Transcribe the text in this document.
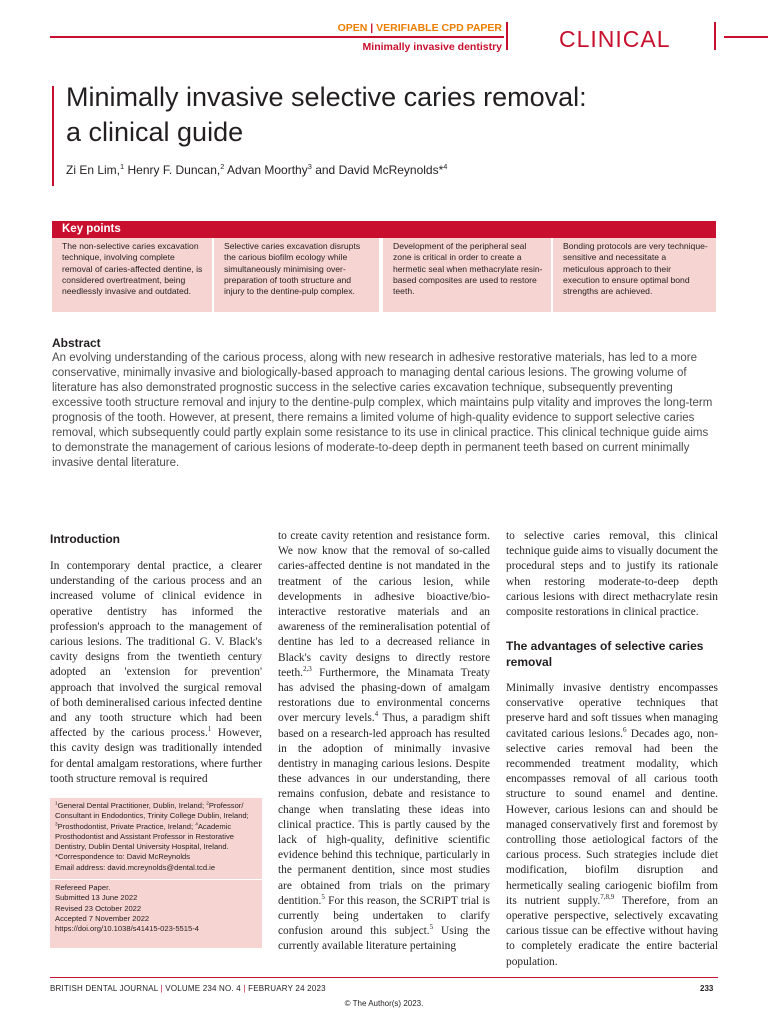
OPEN | VERIFIABLE CPD PAPER
Minimally invasive dentistry CLINICAL
Minimally invasive selective caries removal:
a clinical guide
Zi En Lim,$^1$ Henry F. Duncan,$^2$ Advan Moorthy$^3$ and David McReynolds*$^4$
Key points
The non-selective caries excavation technique, involving complete removal of caries-affected dentine, is considered overtreatment, being needlessly invasive and outdated.
Selective caries excavation disrupts the carious biofilm ecology while simultaneously minimising over-preparation of tooth structure and injury to the dentine-pulp complex.
Development of the peripheral seal zone is critical in order to create a hermetic seal when methacrylate resin-based composites are used to restore teeth.
Bonding protocols are very technique-sensitive and necessitate a meticulous approach to their execution to ensure optimal bond strengths are achieved.
Abstract

An evolving understanding of the carious process, along with new research in adhesive restorative materials, has led to a more conservative, minimally invasive and biologically-based approach to managing dental carious lesions. The growing volume of literature has also demonstrated prognostic success in the selective caries excavation technique, subsequently preventing excessive tooth structure removal and injury to the dentine-pulp complex, which maintains pulp vitality and improves the long-term prognosis of the tooth. However, at present, there remains a limited volume of high-quality evidence to support selective caries removal, which subsequently could partly explain some resistance to its use in clinical practice. This clinical technique guide aims to demonstrate the management of carious lesions of moderate-to-deep depth in permanent teeth based on current minimally invasive dental literature.

Introduction

In contemporary dental practice, a clearer understanding of the carious process and an increased volume of clinical evidence in operative dentistry has informed the profession's approach to the management of carious lesions. The traditional G. V. Black's cavity designs from the twentieth century adopted an 'extension for prevention' approach that involved the surgical removal of both demineralised carious infected dentine and any tooth structure which had been affected by the carious process.$^1$ However, this cavity design was traditionally intended for dental amalgam restorations, where further tooth structure removal is required

$^1$General Dental Practitioner, Dublin, Ireland; $^2$Professor/ Consultant in Endodontics, Trinity College Dublin, Ireland; $^3$Prosthodontist, Private Practice, Ireland; $^4$Academic Prosthodontist and Assistant Professor in Restorative Dentistry, Dublin Dental University Hospital, Ireland.
*Correspondence to: David McReynolds
Email address: david.mcreynolds@dental.tcd.ie

Refereed Paper.
Submitted 13 June 2022
Revised 23 October 2022
Accepted 7 November 2022
https://doi.org/10.1038/s41415-023-5515-4

to create cavity retention and resistance form. We now know that the removal of so-called caries-affected dentine is not mandated in the treatment of the carious lesion, while developments in adhesive bioactive/bio-interactive restorative materials and an awareness of the remineralisation potential of dentine has led to a decreased reliance in Black's cavity designs to directly restore teeth.$^{2,3}$ Furthermore, the Minamata Treaty has advised the phasing-down of amalgam restorations due to environmental concerns over mercury levels.$^4$ Thus, a paradigm shift based on a research-led approach has resulted in the adoption of minimally invasive dentistry in managing carious lesions. Despite these advances in our understanding, there remains confusion, debate and resistance to change when translating these ideas into clinical practice. This is partly caused by the lack of high-quality, definitive scientific evidence behind this technique, particularly in the permanent dentition, since most studies are obtained from trials on the primary dentition.$^5$ For this reason, the SCRiPT trial is currently being undertaken to clarify confusion around this subject.$^5$ Using the currently available literature pertaining

to selective caries removal, this clinical technique guide aims to visually document the procedural steps and to justify its rationale when restoring moderate-to-deep depth carious lesions with direct methacrylate resin composite restorations in clinical practice.

The advantages of selective caries removal

Minimally invasive dentistry encompasses conservative operative techniques that preserve hard and soft tissues when managing cavitated carious lesions.$^6$ Decades ago, non-selective caries removal had been the recommended treatment modality, which encompasses removal of all carious tooth structure to sound enamel and dentine. However, carious lesions can and should be managed conservatively first and foremost by controlling those aetiological factors of the carious process. Such strategies include diet modification, biofilm disruption and hermetically sealing cariogenic biofilm from its nutrient supply.$^{7,8,9}$ Therefore, from an operative perspective, selectively excavating carious tissue can be effective without having to completely eradicate the entire bacterial population.

BRITISH DENTAL JOURNAL | VOLUME 234 NO. 4 | FEBRUARY 24 2023	233
© The Author(s) 2023.
